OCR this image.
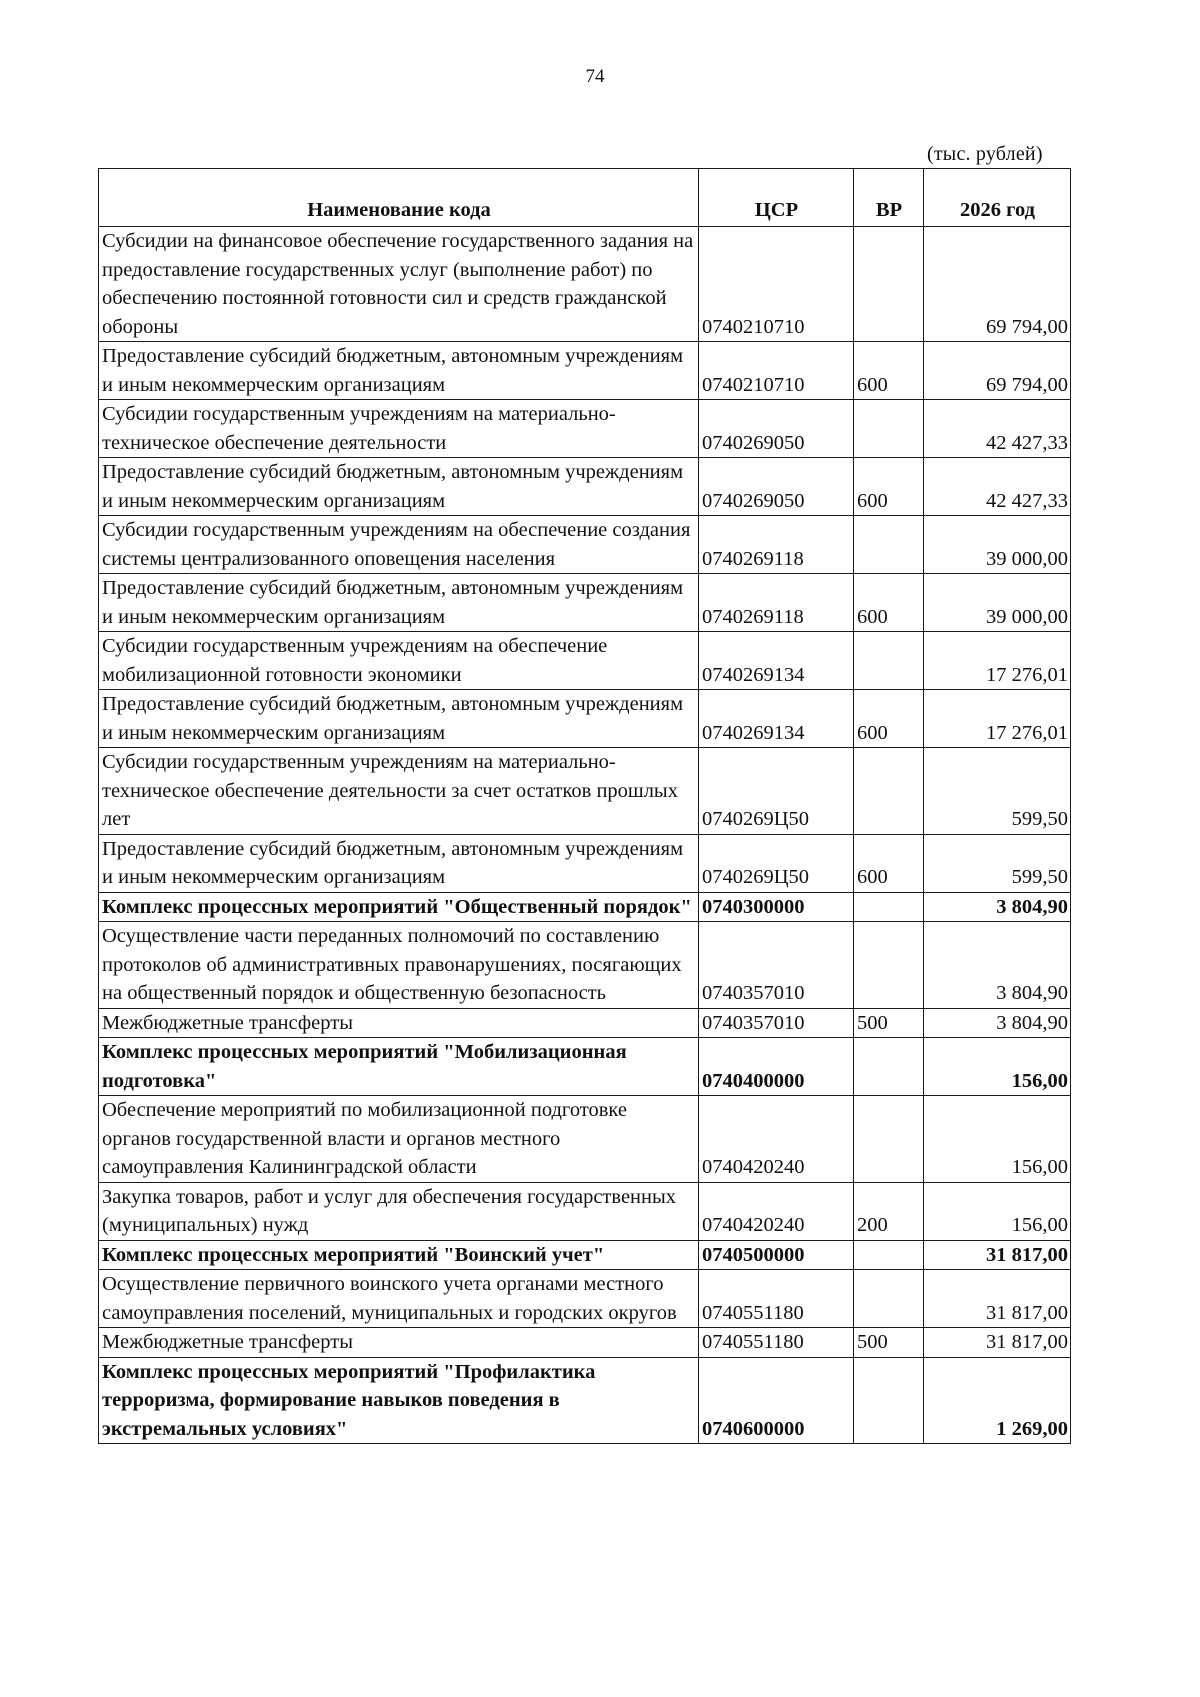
74
(тыс. рублей)
Наименование кода	ЦСР	ВР	2026 год
Субсидии на финансовое обеспечение государственного задания на предоставление государственных услуг (выполнение работ) по обеспечению постоянной готовности сил и средств гражданской обороны	0740210710		69 794,00
Предоставление субсидий бюджетным, автономным учреждениям и иным некоммерческим организациям	0740210710	600	69 794,00
Субсидии государственным учреждениям на материально-техническое обеспечение деятельности	0740269050		42 427,33
Предоставление субсидий бюджетным, автономным учреждениям и иным некоммерческим организациям	0740269050	600	42 427,33
Субсидии государственным учреждениям на обеспечение создания системы централизованного оповещения населения	0740269118		39 000,00
Предоставление субсидий бюджетным, автономным учреждениям и иным некоммерческим организациям	0740269118	600	39 000,00
Субсидии государственным учреждениям на обеспечение мобилизационной готовности экономики	0740269134		17 276,01
Предоставление субсидий бюджетным, автономным учреждениям и иным некоммерческим организациям	0740269134	600	17 276,01
Субсидии государственным учреждениям на материально-техническое обеспечение деятельности за счет остатков прошлых лет	0740269Ц50		599,50
Предоставление субсидий бюджетным, автономным учреждениям и иным некоммерческим организациям	0740269Ц50	600	599,50
Комплекс процессных мероприятий "Общественный порядок"	0740300000		3 804,90
Осуществление части переданных полномочий по составлению протоколов об административных правонарушениях, посягающих на общественный порядок и общественную безопасность	0740357010		3 804,90
Межбюджетные трансферты	0740357010	500	3 804,90
Комплекс процессных мероприятий "Мобилизационная подготовка"	0740400000		156,00
Обеспечение мероприятий по мобилизационной подготовке органов государственной власти и органов местного самоуправления Калининградской области	0740420240		156,00
Закупка товаров, работ и услуг для обеспечения государственных (муниципальных) нужд	0740420240	200	156,00
Комплекс процессных мероприятий "Воинский учет"	0740500000		31 817,00
Осуществление первичного воинского учета органами местного самоуправления поселений, муниципальных и городских округов	0740551180		31 817,00
Межбюджетные трансферты	0740551180	500	31 817,00
Комплекс процессных мероприятий "Профилактика терроризма, формирование навыков поведения в экстремальных условиях"	0740600000		1 269,00
